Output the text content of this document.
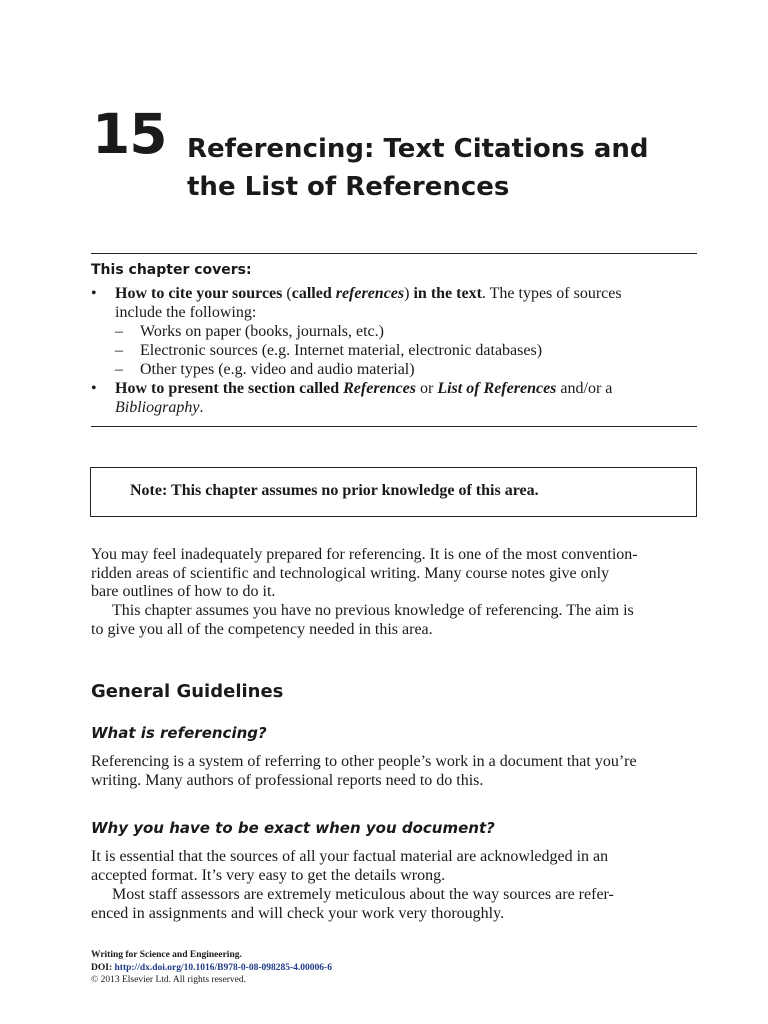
15 Referencing: Text Citations and
the List of References
This chapter covers:
• How to cite your sources (called references) in the text. The types of sources
include the following:
– Works on paper (books, journals, etc.)
– Electronic sources (e.g. Internet material, electronic databases)
– Other types (e.g. video and audio material)
• How to present the section called References or List of References and/or a
Bibliography.
Note: This chapter assumes no prior knowledge of this area.
You may feel inadequately prepared for referencing. It is one of the most convention-
ridden areas of scientific and technological writing. Many course notes give only
bare outlines of how to do it.
This chapter assumes you have no previous knowledge of referencing. The aim is
to give you all of the competency needed in this area.
General Guidelines
What is referencing?
Referencing is a system of referring to other people’s work in a document that you’re
writing. Many authors of professional reports need to do this.
Why you have to be exact when you document?
It is essential that the sources of all your factual material are acknowledged in an
accepted format. It’s very easy to get the details wrong.
Most staff assessors are extremely meticulous about the way sources are refer-
enced in assignments and will check your work very thoroughly.
Writing for Science and Engineering.
DOI: http://dx.doi.org/10.1016/B978-0-08-098285-4.00006-6
© 2013 Elsevier Ltd. All rights reserved.
